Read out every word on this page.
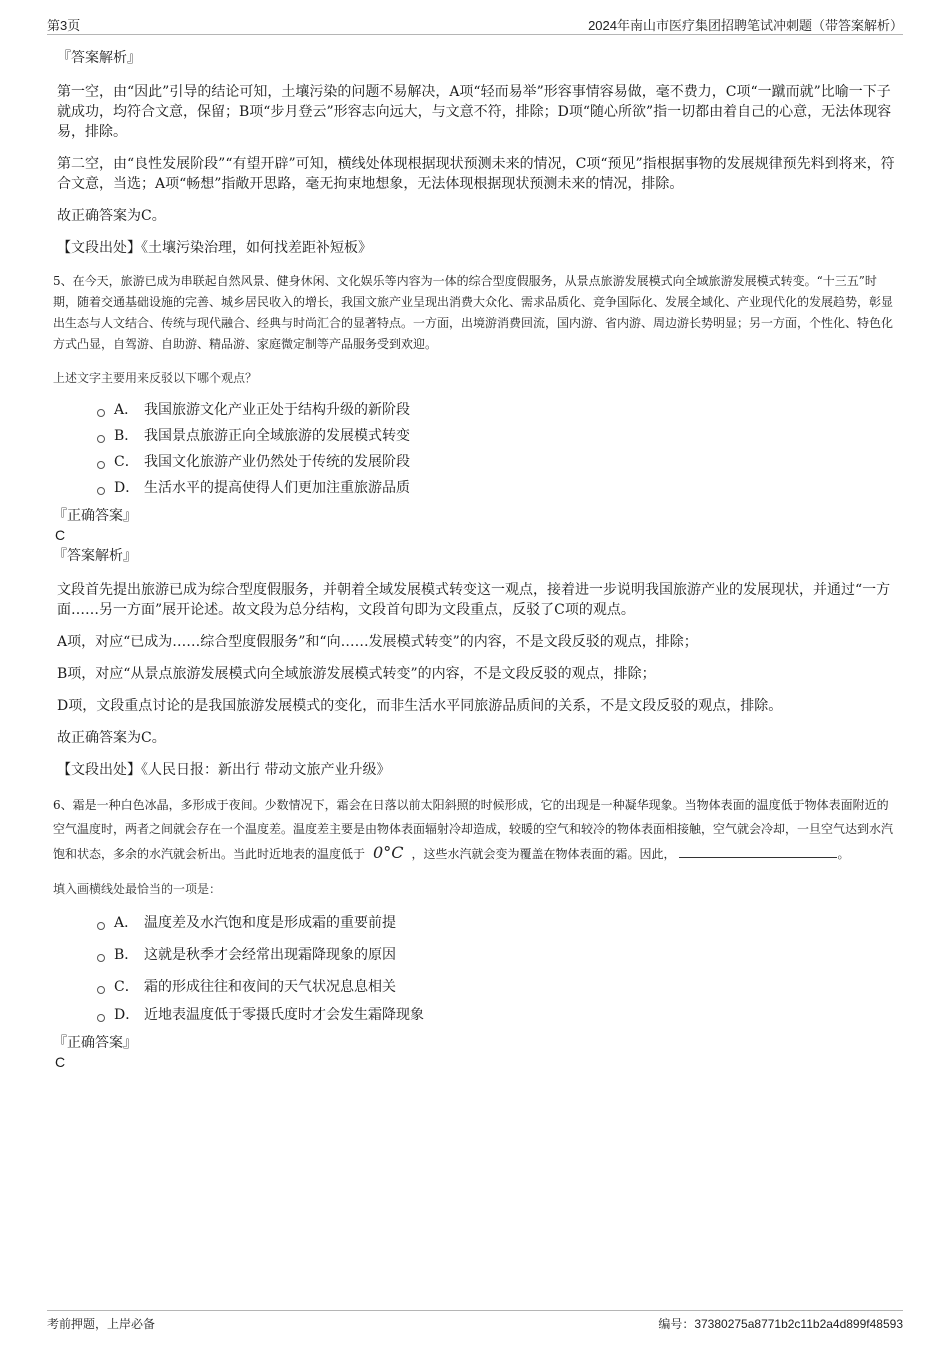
第3页	2024年南山市医疗集团招聘笔试冲刺题（带答案解析）
『答案解析』

第一空，由“因此”引导的结论可知，土壤污染的问题不易解决，A项“轻而易举”形容事情容易做，毫不费力，C项“一蹴而就”比喻一下子就成功，均符合文意，保留；B项“步月登云”形容志向远大，与文意不符，排除；D项“随心所欲”指一切都由着自己的心意，无法体现容易，排除。

第二空，由“良性发展阶段”“有望开辟”可知，横线处体现根据现状预测未来的情况，C项“预见”指根据事物的发展规律预先料到将来，符合文意，当选；A项“畅想”指敞开思路，毫无拘束地想象，无法体现根据现状预测未来的情况，排除。

故正确答案为C。

【文段出处】《土壤污染治理，如何找差距补短板》

5、在今天，旅游已成为串联起自然风景、健身休闲、文化娱乐等内容为一体的综合型度假服务，从景点旅游发展模式向全域旅游发展模式转变。“十三五”时期，随着交通基础设施的完善、城乡居民收入的增长，我国文旅产业呈现出消费大众化、需求品质化、竞争国际化、发展全域化、产业现代化的发展趋势，彰显出生态与人文结合、传统与现代融合、经典与时尚汇合的显著特点。一方面，出境游消费回流，国内游、省内游、周边游长势明显；另一方面，个性化、特色化方式凸显，自驾游、自助游、精品游、家庭微定制等产品服务受到欢迎。

上述文字主要用来反驳以下哪个观点？

A． 我国旅游文化产业正处于结构升级的新阶段
B． 我国景点旅游正向全域旅游的发展模式转变
C． 我国文化旅游产业仍然处于传统的发展阶段
D． 生活水平的提高使得人们更加注重旅游品质
『正确答案』
C
『答案解析』

文段首先提出旅游已成为综合型度假服务，并朝着全域发展模式转变这一观点，接着进一步说明我国旅游产业的发展现状，并通过“一方面……另一方面”展开论述。故文段为总分结构，文段首句即为文段重点，反驳了C项的观点。

A项，对应“已成为……综合型度假服务”和“向……发展模式转变”的内容，不是文段反驳的观点，排除；

B项，对应“从景点旅游发展模式向全域旅游发展模式转变”的内容，不是文段反驳的观点，排除；

D项，文段重点讨论的是我国旅游发展模式的变化，而非生活水平同旅游品质间的关系，不是文段反驳的观点，排除。

故正确答案为C。

【文段出处】《人民日报：新出行 带动文旅产业升级》

6、霜是一种白色冰晶，多形成于夜间。少数情况下，霜会在日落以前太阳斜照的时候形成，它的出现是一种凝华现象。当物体表面的温度低于物体表面附近的空气温度时，两者之间就会存在一个温度差。温度差主要是由物体表面辐射冷却造成，较暖的空气和较冷的物体表面相接触，空气就会冷却，一旦空气达到水汽饱和状态，多余的水汽就会析出。当此时近地表的温度低于 0°C ，这些水汽就会变为覆盖在物体表面的霜。因此，	。

填入画横线处最恰当的一项是：

A． 温度差及水汽饱和度是形成霜的重要前提
B． 这就是秋季才会经常出现霜降现象的原因
C． 霜的形成往往和夜间的天气状况息息相关
D． 近地表温度低于零摄氏度时才会发生霜降现象
『正确答案』
C
考前押题，上岸必备	编号：37380275a8771b2c11b2a4d899f48593
